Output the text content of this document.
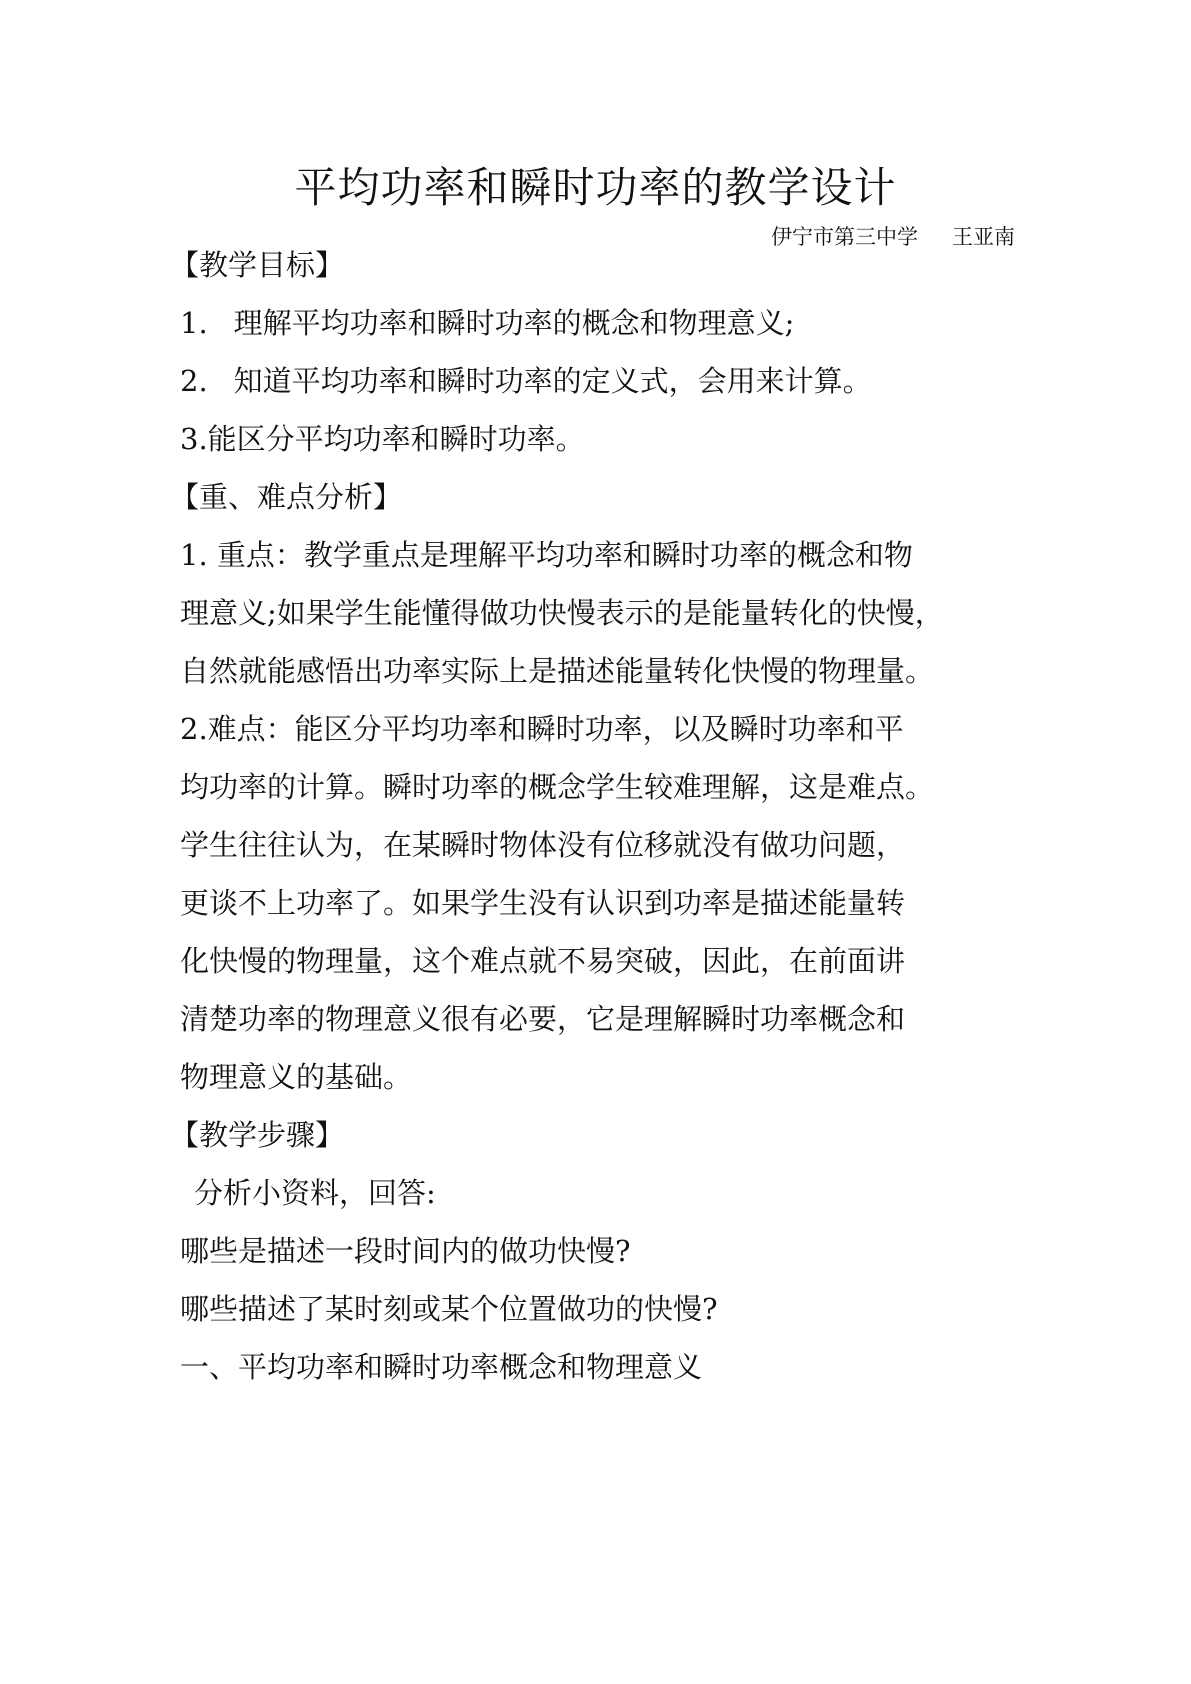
平均功率和瞬时功率的教学设计
伊宁市第三中学 王亚南
【教学目标】
1. 理解平均功率和瞬时功率的概念和物理意义;
2. 知道平均功率和瞬时功率的定义式，会用来计算。
3.能区分平均功率和瞬时功率。
【重、难点分析】
1. 重点：教学重点是理解平均功率和瞬时功率的概念和物
理意义;如果学生能懂得做功快慢表示的是能量转化的快慢，
自然就能感悟出功率实际上是描述能量转化快慢的物理量。
2.难点：能区分平均功率和瞬时功率，以及瞬时功率和平
均功率的计算。瞬时功率的概念学生较难理解，这是难点。
学生往往认为，在某瞬时物体没有位移就没有做功问题，
更谈不上功率了。如果学生没有认识到功率是描述能量转
化快慢的物理量，这个难点就不易突破，因此，在前面讲
清楚功率的物理意义很有必要，它是理解瞬时功率概念和
物理意义的基础。
【教学步骤】
分析小资料，回答:
哪些是描述一段时间内的做功快慢?
哪些描述了某时刻或某个位置做功的快慢?
一、平均功率和瞬时功率概念和物理意义
